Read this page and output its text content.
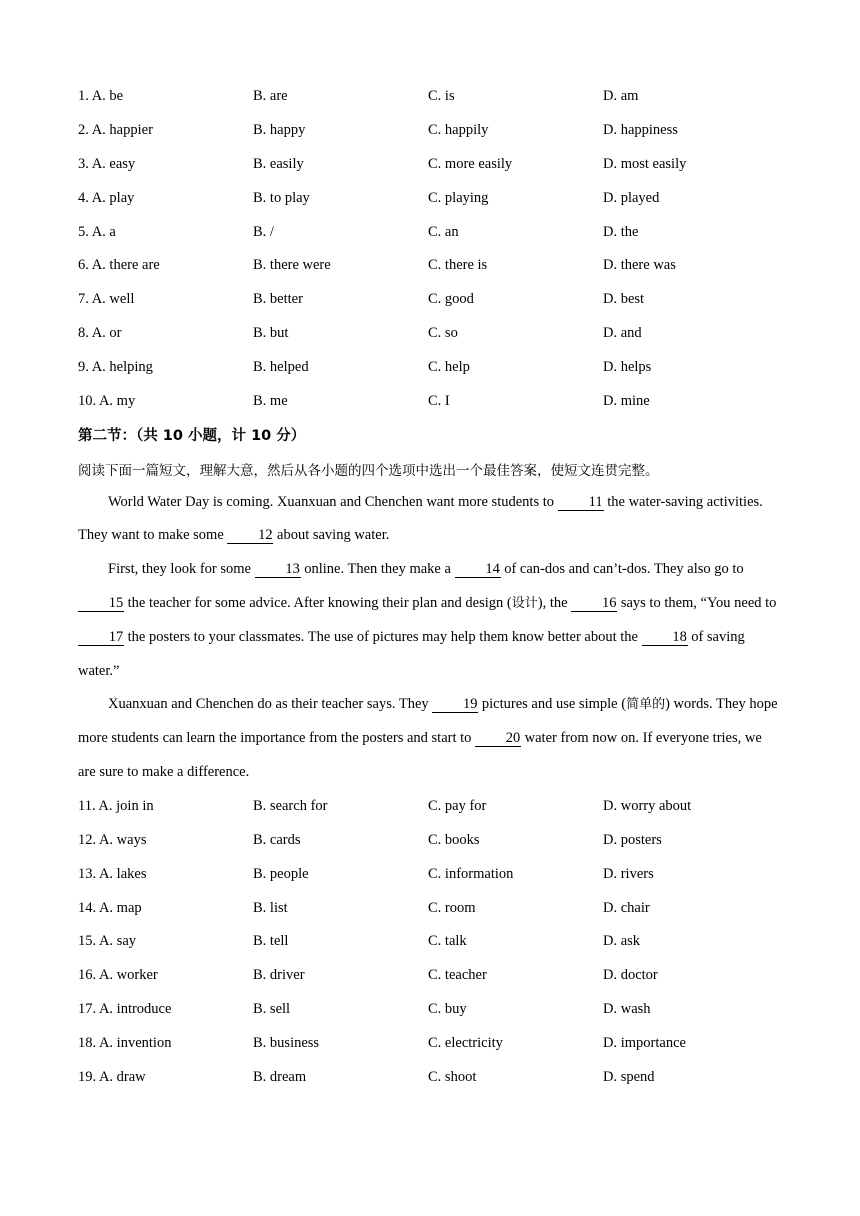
1. A. be	B. are	C. is	D. am
2. A. happier	B. happy	C. happily	D. happiness
3. A. easy	B. easily	C. more easily	D. most easily
4. A. play	B. to play	C. playing	D. played
5. A. a	B. /	C. an	D. the
6. A. there are	B. there were	C. there is	D. there was
7. A. well	B. better	C. good	D. best
8. A. or	B. but	C. so	D. and
9. A. helping	B. helped	C. help	D. helps
10. A. my	B. me	C. I	D. mine
第二节：（共 10 小题，计 10 分）
阅读下面一篇短文，理解大意，然后从各小题的四个选项中选出一个最佳答案，使短文连贯完整。

World Water Day is coming. Xuanxuan and Chenchen want more students to 11 the water-saving activities. They want to make some 12 about saving water.

First, they look for some 13 online. Then they make a 14 of can-dos and can’t-dos. They also go to 15 the teacher for some advice. After knowing their plan and design (设计), the 16 says to them, “You need to 17 the posters to your classmates. The use of pictures may help them know better about the 18 of saving water.”

Xuanxuan and Chenchen do as their teacher says. They 19 pictures and use simple (简单的) words. They hope more students can learn the importance from the posters and start to 20 water from now on. If everyone tries, we are sure to make a difference.

11. A. join in	B. search for	C. pay for	D. worry about
12. A. ways	B. cards	C. books	D. posters
13. A. lakes	B. people	C. information	D. rivers
14. A. map	B. list	C. room	D. chair
15. A. say	B. tell	C. talk	D. ask
16. A. worker	B. driver	C. teacher	D. doctor
17. A. introduce	B. sell	C. buy	D. wash
18. A. invention	B. business	C. electricity	D. importance
19. A. draw	B. dream	C. shoot	D. spend
